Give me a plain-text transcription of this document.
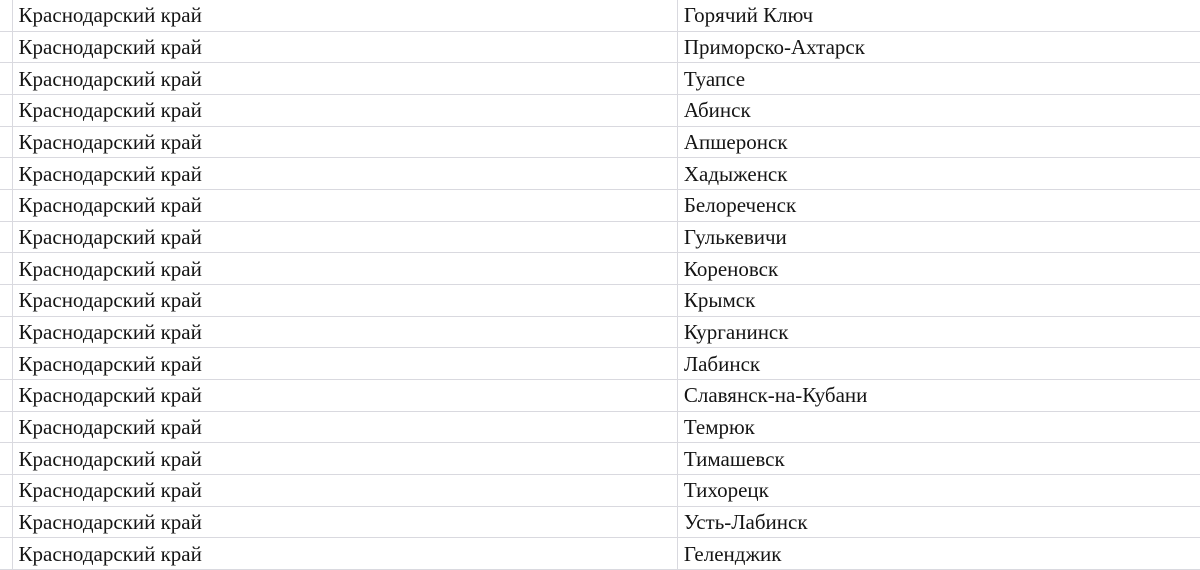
	Краснодарский край	Горячий Ключ
	Краснодарский край	Приморско-Ахтарск
	Краснодарский край	Туапсе
	Краснодарский край	Абинск
	Краснодарский край	Апшеронск
	Краснодарский край	Хадыженск
	Краснодарский край	Белореченск
	Краснодарский край	Гулькевичи
	Краснодарский край	Кореновск
	Краснодарский край	Крымск
	Краснодарский край	Курганинск
	Краснодарский край	Лабинск
	Краснодарский край	Славянск-на-Кубани
	Краснодарский край	Темрюк
	Краснодарский край	Тимашевск
	Краснодарский край	Тихорецк
	Краснодарский край	Усть-Лабинск
	Краснодарский край	Геленджик
